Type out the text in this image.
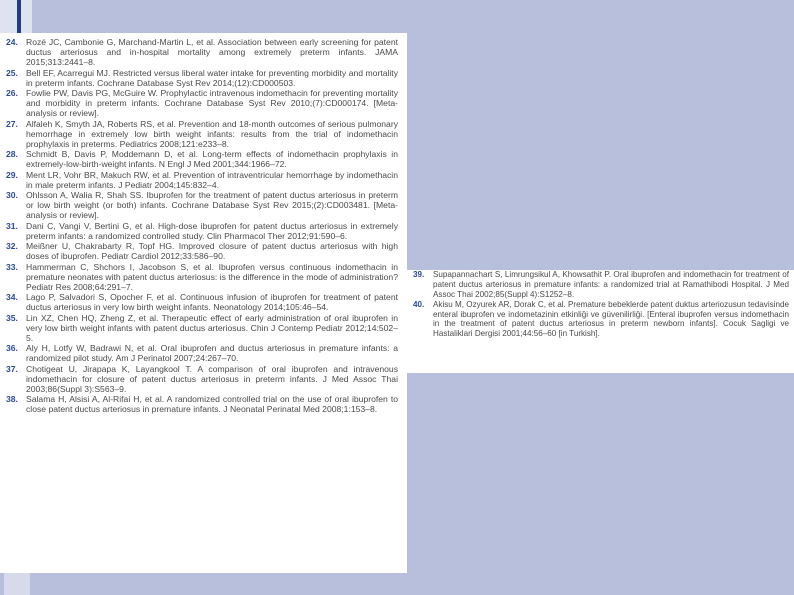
24. Rozé JC, Cambonie G, Marchand-Martin L, et al. Association between early screening for patent ductus arteriosus and in-hospital mortality among extremely preterm infants. JAMA 2015;313:2441–8.
25. Bell EF, Acarregui MJ. Restricted versus liberal water intake for preventing morbidity and mortality in preterm infants. Cochrane Database Syst Rev 2014;(12):CD000503.
26. Fowlie PW, Davis PG, McGuire W. Prophylactic intravenous indomethacin for preventing mortality and morbidity in preterm infants. Cochrane Database Syst Rev 2010;(7):CD000174. [Meta-analysis or review].
27. Alfaleh K, Smyth JA, Roberts RS, et al. Prevention and 18-month outcomes of serious pulmonary hemorrhage in extremely low birth weight infants: results from the trial of indomethacin prophylaxis in preterms. Pediatrics 2008;121:e233–8.
28. Schmidt B, Davis P, Moddemann D, et al. Long-term effects of indomethacin prophylaxis in extremely-low-birth-weight infants. N Engl J Med 2001;344:1966–72.
29. Ment LR, Vohr BR, Makuch RW, et al. Prevention of intraventricular hemorrhage by indomethacin in male preterm infants. J Pediatr 2004;145:832–4.
30. Ohlsson A, Walia R, Shah SS. Ibuprofen for the treatment of patent ductus arteriosus in preterm or low birth weight (or both) infants. Cochrane Database Syst Rev 2015;(2):CD003481. [Meta-analysis or review].
31. Dani C, Vangi V, Bertini G, et al. High-dose ibuprofen for patent ductus arteriosus in extremely preterm infants: a randomized controlled study. Clin Pharmacol Ther 2012;91:590–6.
32. Meißner U, Chakrabarty R, Topf HG. Improved closure of patent ductus arteriosus with high doses of ibuprofen. Pediatr Cardiol 2012;33:586–90.
33. Hammerman C, Shchors I, Jacobson S, et al. Ibuprofen versus continuous indomethacin in premature neonates with patent ductus arteriosus: is the difference in the mode of administration? Pediatr Res 2008;64:291–7.
34. Lago P, Salvadori S, Opocher F, et al. Continuous infusion of ibuprofen for treatment of patent ductus arteriosus in very low birth weight infants. Neonatology 2014;105:46–54.
35. Lin XZ, Chen HQ, Zheng Z, et al. Therapeutic effect of early administration of oral ibuprofen in very low birth weight infants with patent ductus arteriosus. Chin J Contemp Pediatr 2012;14:502–5.
36. Aly H, Lotfy W, Badrawi N, et al. Oral ibuprofen and ductus arteriosus in premature infants: a randomized pilot study. Am J Perinatol 2007;24:267–70.
37. Chotigeat U, Jirapapa K, Layangkool T. A comparison of oral ibuprofen and intravenous indomethacin for closure of patent ductus arteriosus in preterm infants. J Med Assoc Thai 2003;86(Suppl 3):S563–9.
38. Salama H, Alsisi A, Al-Rifai H, et al. A randomized controlled trial on the use of oral ibuprofen to close patent ductus arteriosus in premature infants. J Neonatal Perinatal Med 2008;1:153–8.
39.	Supapannachart S, Limrungsikul A, Khowsathit P. Oral ibuprofen and indomethacin for treatment of patent ductus arteriosus in premature infants: a randomized trial at Ramathibodi Hospital. J Med Assoc Thai 2002;85(Suppl 4):S1252–8.
40.	Akisu M, Ozyurek AR, Dorak C, et al. Premature bebeklerde patent duktus arteriozusun tedavisinde enteral ibuprofen ve indometazinin etkinliği ve güvenilirliği. [Enteral ibuprofen versus indomethacin in the treatment of patent ductus arteriosus in preterm newborn infants]. Cocuk Sagligi ve Hastaliklari Dergisi 2001;44:56–60 [in Turkish].
